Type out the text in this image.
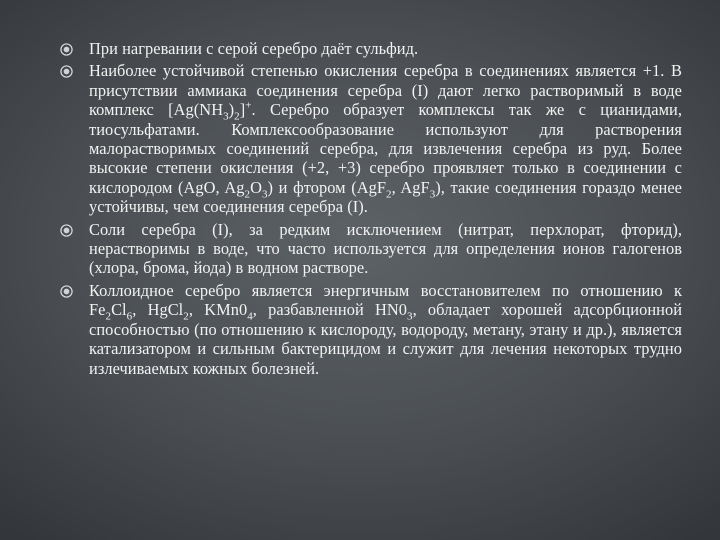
При нагревании с серой серебро даёт сульфид.
Наиболее устойчивой степенью окисления серебра в соединениях является +1. В присутствии аммиака соединения серебра (I) дают легко растворимый в воде комплекс $[Ag(NH_3)_2]^+$. Серебро образует комплексы так же с цианидами, тиосульфатами. Комплексообразование используют для растворения малорастворимых соединений серебра, для извлечения серебра из руд. Более высокие степени окисления (+2, +3) серебро проявляет только в соединении с кислородом (AgO, $Ag_2O_3$) и фтором (AgF$_2$, AgF$_3$), такие соединения гораздо менее устойчивы, чем соединения серебра (I).
Соли серебра (I), за редким исключением (нитрат, перхлорат, фторид), нерастворимы в воде, что часто используется для определения ионов галогенов (хлора, брома, йода) в водном растворе.
Коллоидное серебро является энергичным восстановителем по отношению к $Fe_2Cl_6$, HgCl$_2$, $KMn0_4$, разбавленной $HN0_3$, обладает хорошей адсорбционной способностью (по отношению к кислороду, водороду, метану, этану и др.), является катализатором и сильным бактерицидом и служит для лечения некоторых трудно излечиваемых кожных болезней.
